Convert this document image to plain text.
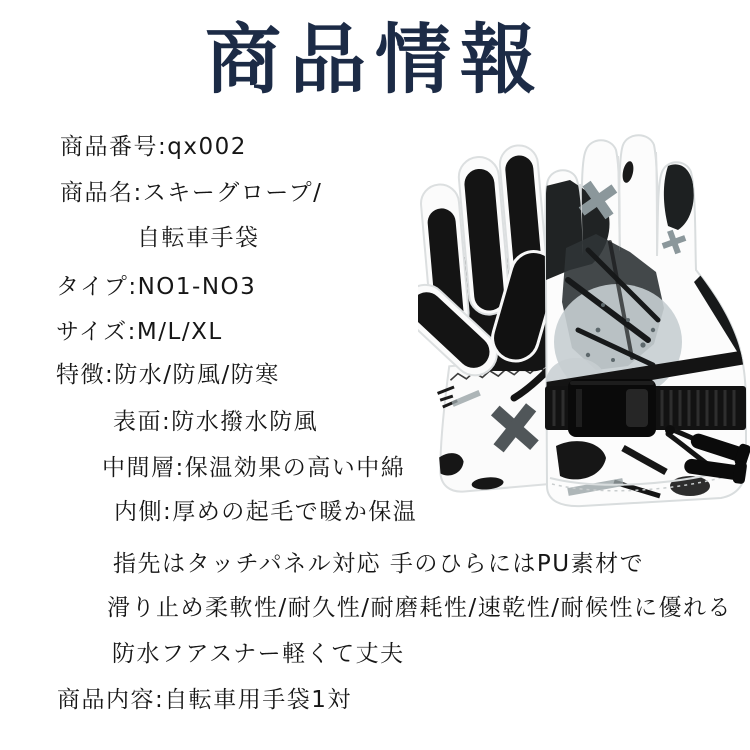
商品情報
商品番号:qx002
商品名:スキーグロープ/
自転車手袋
タイプ:NO1-NO3
サイズ:M/L/XL
特徴:防水/防風/防寒
表面:防水撥水防風
中間層:保温効果の高い中綿
内側:厚めの起毛で暖か保温
指先はタッチパネル対応 手のひらにはPU素材で
滑り止め柔軟性/耐久性/耐磨耗性/速乾性/耐候性に優れる
防水フアスナー軽くて丈夫
商品内容:自転車用手袋1対
